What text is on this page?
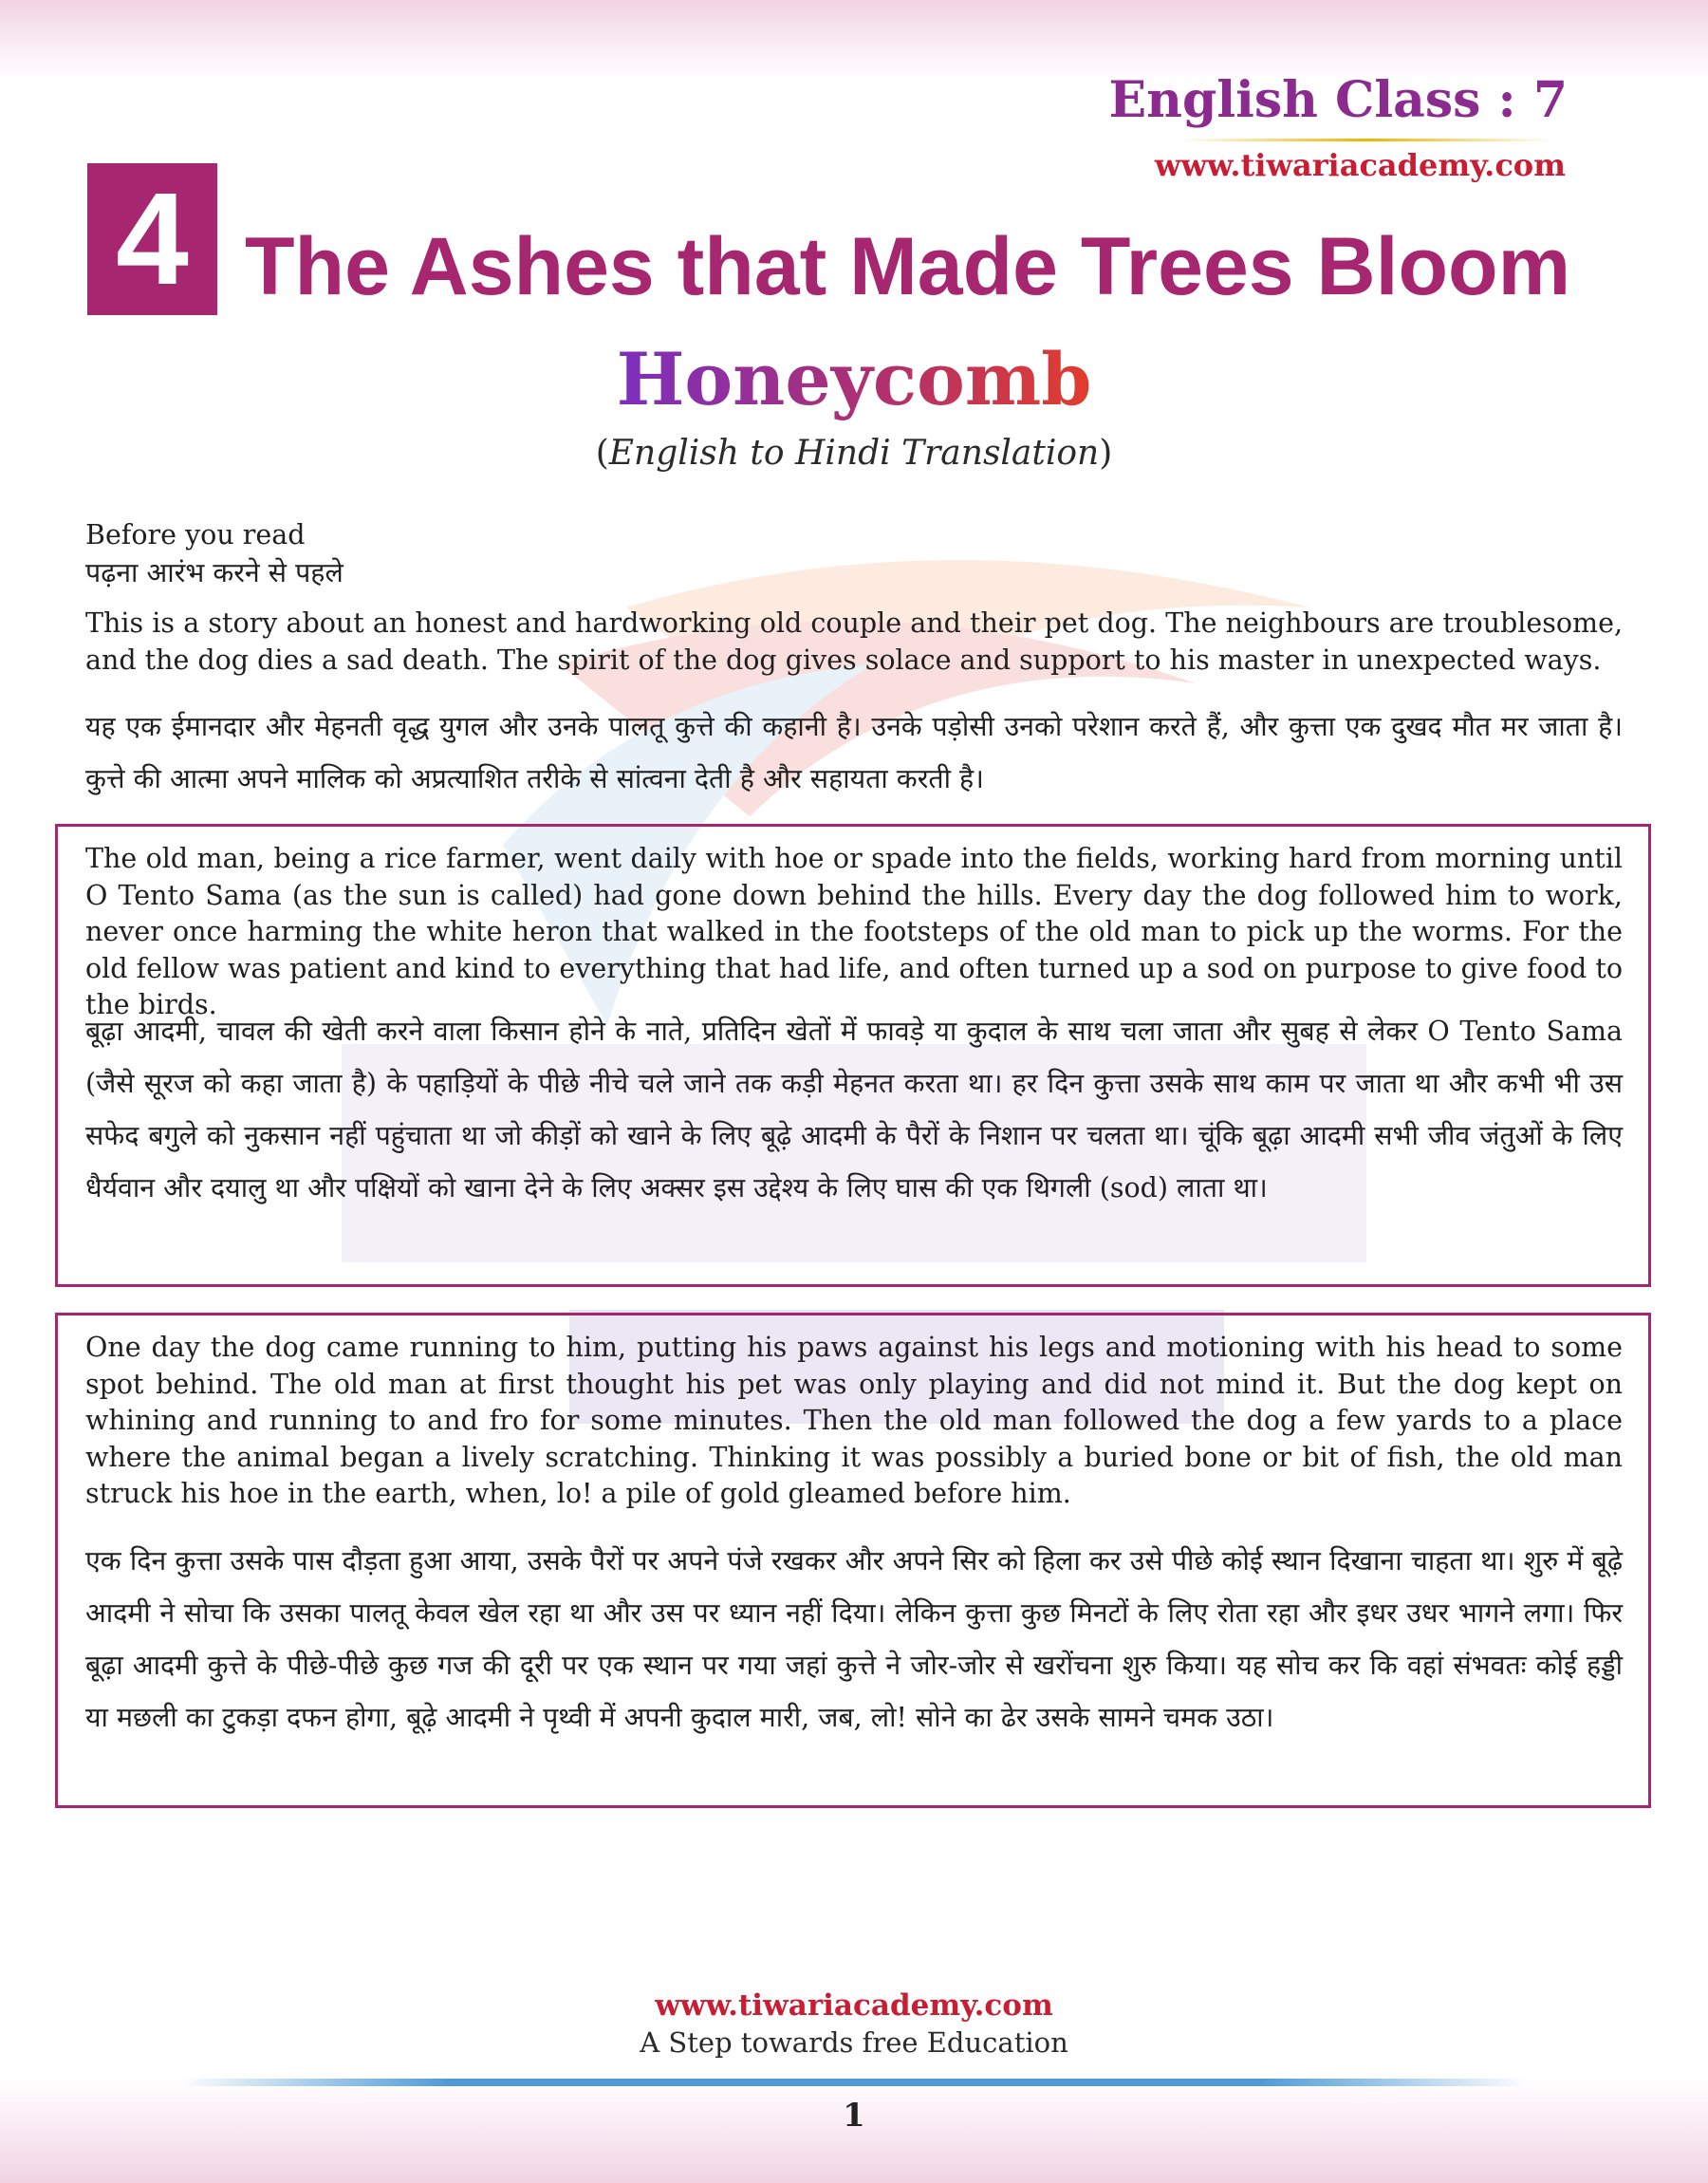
English Class : 7
www.tiwariacademy.com
4 The Ashes that Made Trees Bloom
Honeycomb
(English to Hindi Translation)
Before you read
पढ़ना आरंभ करने से पहले
This is a story about an honest and hardworking old couple and their pet dog. The neighbours are troublesome, and the dog dies a sad death. The spirit of the dog gives solace and support to his master in unexpected ways.
यह एक ईमानदार और मेहनती वृद्ध युगल और उनके पालतू कुत्ते की कहानी है। उनके पड़ोसी उनको परेशान करते हैं, और कुत्ता एक दुखद मौत मर जाता है। कुत्ते की आत्मा अपने मालिक को अप्रत्याशित तरीके से सांत्वना देती है और सहायता करती है।
The old man, being a rice farmer, went daily with hoe or spade into the fields, working hard from morning until O Tento Sama (as the sun is called) had gone down behind the hills. Every day the dog followed him to work, never once harming the white heron that walked in the footsteps of the old man to pick up the worms. For the old fellow was patient and kind to everything that had life, and often turned up a sod on purpose to give food to the birds.
बूढ़ा आदमी, चावल की खेती करने वाला किसान होने के नाते, प्रतिदिन खेतों में फावड़े या कुदाल के साथ चला जाता और सुबह से लेकर O Tento Sama (जैसे सूरज को कहा जाता है) के पहाड़ियों के पीछे नीचे चले जाने तक कड़ी मेहनत करता था। हर दिन कुत्ता उसके साथ काम पर जाता था और कभी भी उस सफेद बगुले को नुकसान नहीं पहुंचाता था जो कीड़ों को खाने के लिए बूढ़े आदमी के पैरों के निशान पर चलता था। चूंकि बूढ़ा आदमी सभी जीव जंतुओं के लिए धैर्यवान और दयालु था और पक्षियों को खाना देने के लिए अक्सर इस उद्देश्य के लिए घास की एक थिगली (sod) लाता था।
One day the dog came running to him, putting his paws against his legs and motioning with his head to some spot behind. The old man at first thought his pet was only playing and did not mind it. But the dog kept on whining and running to and fro for some minutes. Then the old man followed the dog a few yards to a place where the animal began a lively scratching. Thinking it was possibly a buried bone or bit of fish, the old man struck his hoe in the earth, when, lo! a pile of gold gleamed before him.
एक दिन कुत्ता उसके पास दौड़ता हुआ आया, उसके पैरों पर अपने पंजे रखकर और अपने सिर को हिला कर उसे पीछे कोई स्थान दिखाना चाहता था। शुरु में बूढ़े आदमी ने सोचा कि उसका पालतू केवल खेल रहा था और उस पर ध्यान नहीं दिया। लेकिन कुत्ता कुछ मिनटों के लिए रोता रहा और इधर उधर भागने लगा। फिर बूढ़ा आदमी कुत्ते के पीछे-पीछे कुछ गज की दूरी पर एक स्थान पर गया जहां कुत्ते ने जोर-जोर से खरोंचना शुरु किया। यह सोच कर कि वहां संभवतः कोई हड्डी या मछली का टुकड़ा दफन होगा, बूढ़े आदमी ने पृथ्वी में अपनी कुदाल मारी, जब, लो! सोने का ढेर उसके सामने चमक उठा।
www.tiwariacademy.com
A Step towards free Education
1
